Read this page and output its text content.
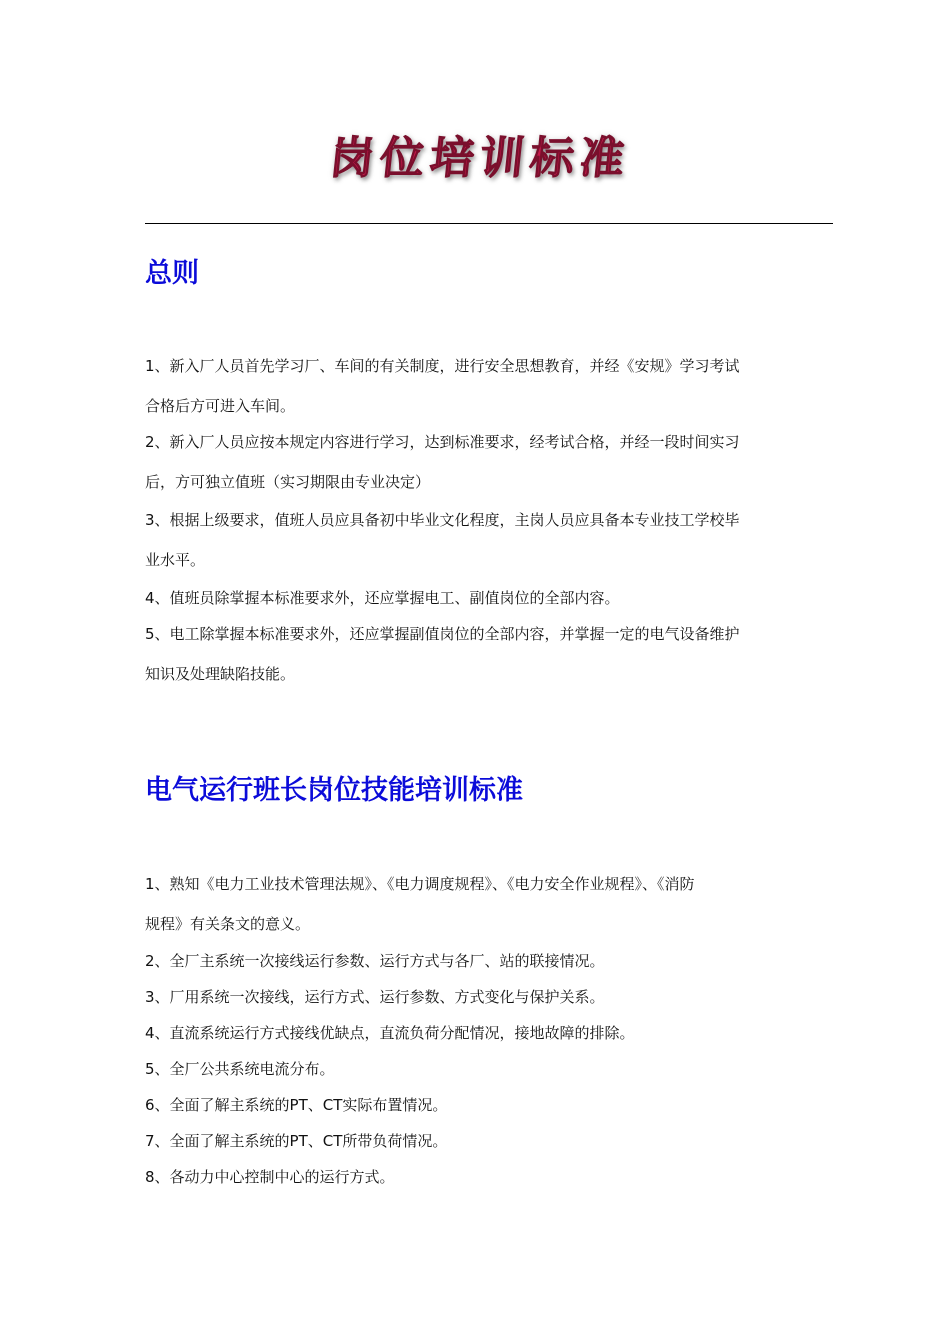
岗位培训标准
总则
1、新入厂人员首先学习厂、车间的有关制度，进行安全思想教育，并经《安规》学习考试
合格后方可进入车间。
2、新入厂人员应按本规定内容进行学习，达到标准要求，经考试合格，并经一段时间实习
后，方可独立值班（实习期限由专业决定）
3、根据上级要求，值班人员应具备初中毕业文化程度，主岗人员应具备本专业技工学校毕
业水平。
4、值班员除掌握本标准要求外，还应掌握电工、副值岗位的全部内容。
5、电工除掌握本标准要求外，还应掌握副值岗位的全部内容，并掌握一定的电气设备维护
知识及处理缺陷技能。
电气运行班长岗位技能培训标准
1、熟知《电力工业技术管理法规》、《电力调度规程》、《电力安全作业规程》、《消防
规程》有关条文的意义。
2、全厂主系统一次接线运行参数、运行方式与各厂、站的联接情况。
3、厂用系统一次接线，运行方式、运行参数、方式变化与保护关系。
4、直流系统运行方式接线优缺点，直流负荷分配情况，接地故障的排除。
5、全厂公共系统电流分布。
6、全面了解主系统的PT、CT实际布置情况。
7、全面了解主系统的PT、CT所带负荷情况。
8、各动力中心控制中心的运行方式。
